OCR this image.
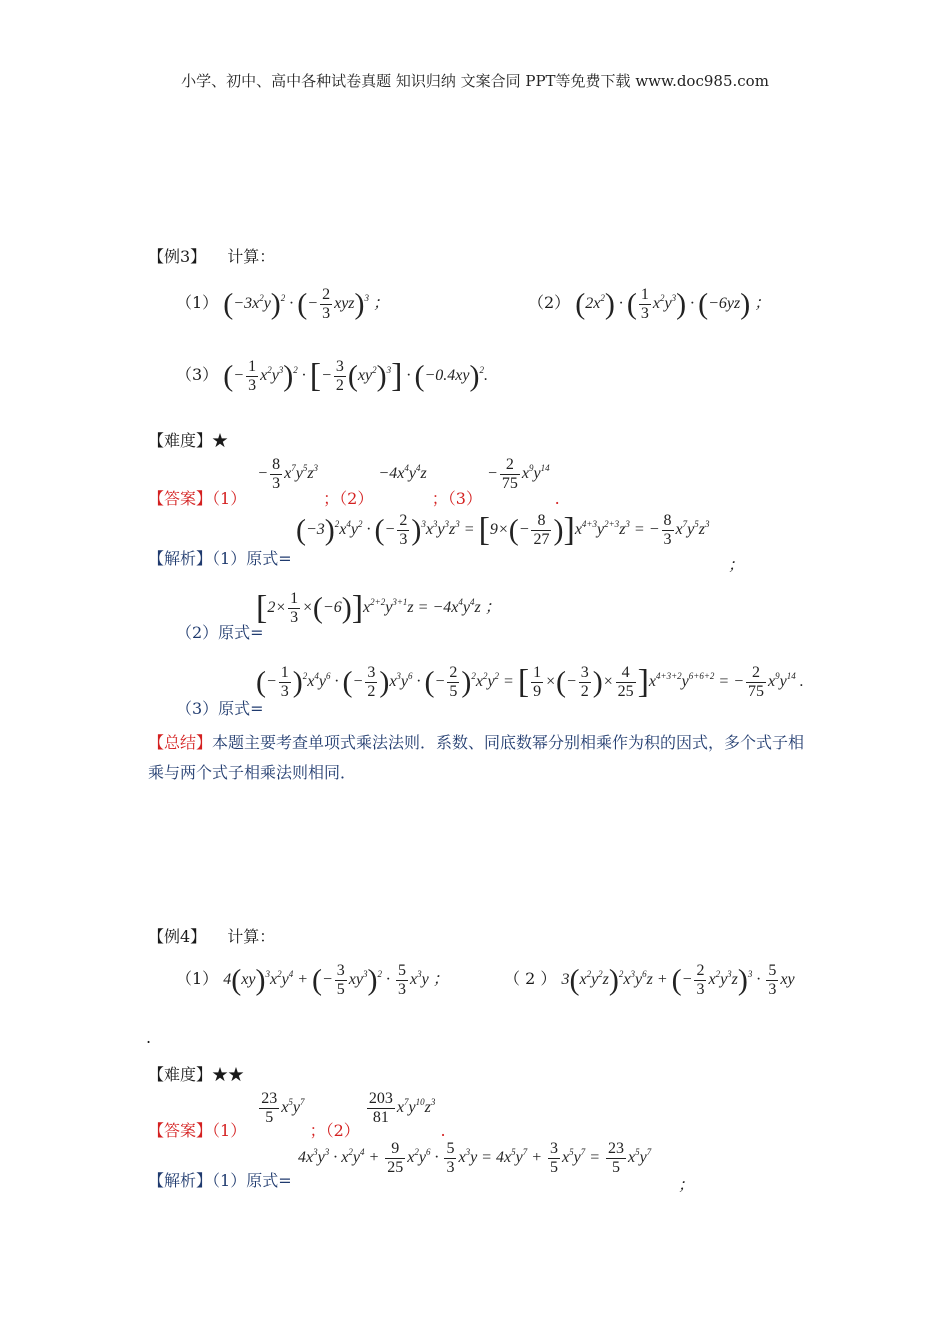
小学、初中、高中各种试卷真题 知识归纳 文案合同 PPT等免费下载 www.doc985.com
【例3】 计算：
（1） $(-3x^2y)^2$ · (− $\frac{2}{3} xyz)^3$ ；	（2） $(2x^2)$ · ( $\frac{1}{3} x^2y^3) \cdot (-6yz)$ ；
（3） (− $\frac{1}{3} x^2y^3)^2$ · [− $\frac{3}{2} (xy^2)^3] \cdot (-0.4xy)^2$.
【难度】★
【答案】$(1) - \frac{8}{3} x^7y^5z^3$ ；$(2) -4x^4y^4z$ ；$(3) - \frac{2}{75} x^9y^{14}$ .
【解析】（1）原式=
$(-3)^2x^4y^2$ · (− $\frac{2}{3} )^3x^3y^3z^3 = [9\times(- \frac{8}{27} )]x^{4+3}y^{2+3}z^3$ = − $\frac{8}{3} x^7y^5z^3$
；
（2）原式=
$[2\times \frac{1}{3} \times(-6)]x^{2+2}y^{3+1}z = -4x^4y^4z$ ；
（3）原式=
(− $\frac{1}{3} )^2x^4y^6$ · (− $\frac{3}{2} )x^3y^6$ · (− $\frac{2}{5} )^2x^2y^2$ = [ $\frac{1}{9}$ ×(− $\frac{3}{2}$ )× $\frac{4}{25} ]x^{4+3+2}y^{6+6+2}$ = − $\frac{2}{75} x^9y^{14}$ .
【总结】本题主要考查单项式乘法法则．系数、同底数幂分别相乘作为积的因式，多个式子相乘与两个式子相乘法则相同．
【例4】 计算：
（1） $4(xy)^3x^2y^4$ + (− $\frac{3}{5} xy^3)^2 \cdot \frac{5}{3} x^3y$ ；	（ 2 ） $3(x^2y^2z)^2x^3y^6z$ + (− $\frac{2}{3} x^2y^3z)^3 \cdot \frac{5}{3}$ xy
.
【难度】★★
【答案】（1）
$\frac{23}{5} x^5y^7$ ；（2）
$\frac{203}{81} x^7y^{10}z^3$ .
【解析】（1）原式=
$4x^3y^3 \cdot x^2y^4 + \frac{9}{25} x^2y^6 \cdot \frac{5}{3} x^3y = 4x^5y^7 + \frac{3}{5} x^5y^7 = \frac{23}{5} x^5y^7$
；
